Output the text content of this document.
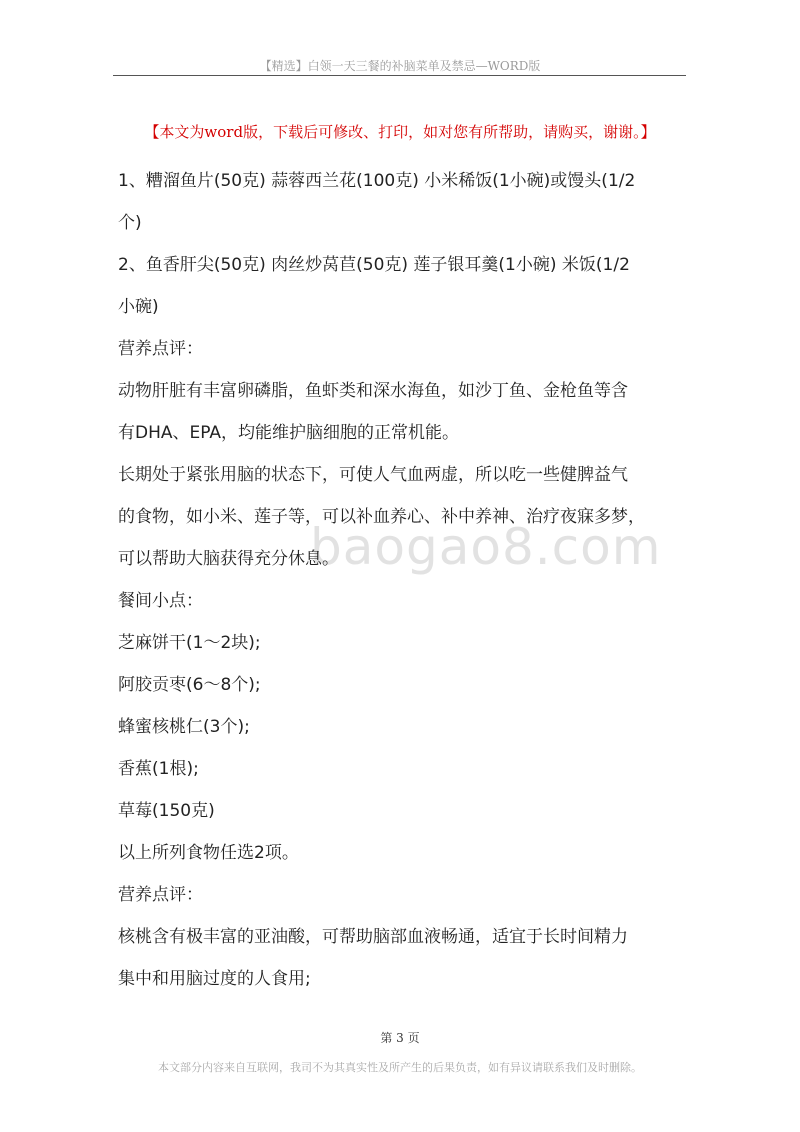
【精选】白领一天三餐的补脑菜单及禁忌—WORD版
【本文为word版，下载后可修改、打印，如对您有所帮助，请购买，谢谢。】
baogao8.com

1、糟溜鱼片(50克) 蒜蓉西兰花(100克) 小米稀饭(1小碗)或馒头(1/2

个)

2、鱼香肝尖(50克) 肉丝炒莴苣(50克) 莲子银耳羹(1小碗) 米饭(1/2

小碗)

营养点评：

动物肝脏有丰富卵磷脂，鱼虾类和深水海鱼，如沙丁鱼、金枪鱼等含

有DHA、EPA，均能维护脑细胞的正常机能。

长期处于紧张用脑的状态下，可使人气血两虚，所以吃一些健脾益气

的食物，如小米、莲子等，可以补血养心、补中养神、治疗夜寐多梦，

可以帮助大脑获得充分休息。

餐间小点：

芝麻饼干(1～2块);

阿胶贡枣(6～8个);

蜂蜜核桃仁(3个);

香蕉(1根);

草莓(150克)

以上所列食物任选2项。

营养点评：

核桃含有极丰富的亚油酸，可帮助脑部血液畅通，适宜于长时间精力

集中和用脑过度的人食用;

第 3 页
本文部分内容来自互联网，我司不为其真实性及所产生的后果负责，如有异议请联系我们及时删除。
